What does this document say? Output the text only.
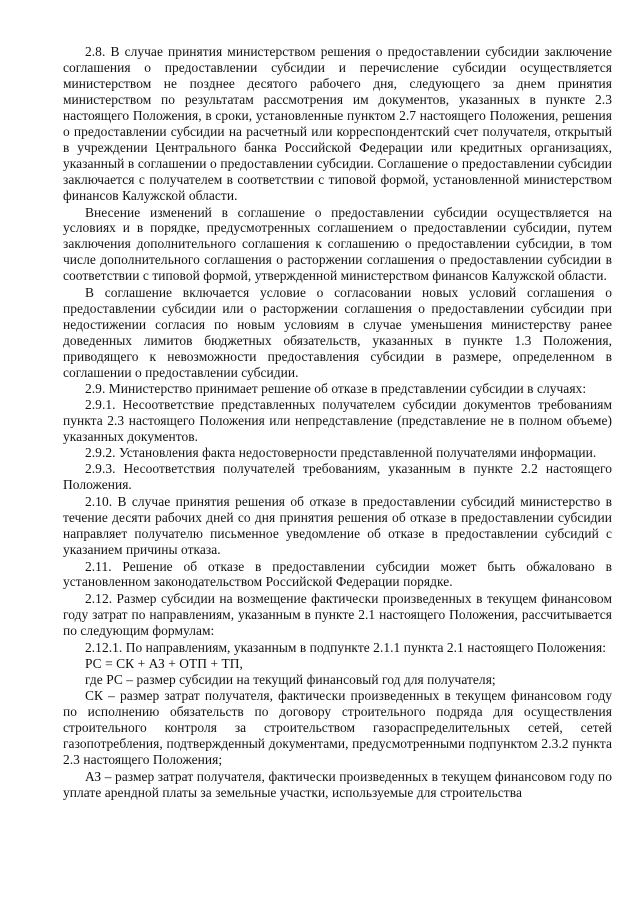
2.8. В случае принятия министерством решения о предоставлении субсидии заключение соглашения о предоставлении субсидии и перечисление субсидии осуществляется министерством не позднее десятого рабочего дня, следующего за днем принятия министерством по результатам рассмотрения им документов, указанных в пункте 2.3 настоящего Положения, в сроки, установленные пунктом 2.7 настоящего Положения, решения о предоставлении субсидии на расчетный или корреспондентский счет получателя, открытый в учреждении Центрального банка Российской Федерации или кредитных организациях, указанный в соглашении о предоставлении субсидии. Соглашение о предоставлении субсидии заключается с получателем в соответствии с типовой формой, установленной министерством финансов Калужской области.

Внесение изменений в соглашение о предоставлении субсидии осуществляется на условиях и в порядке, предусмотренных соглашением о предоставлении субсидии, путем заключения дополнительного соглашения к соглашению о предоставлении субсидии, в том числе дополнительного соглашения о расторжении соглашения о предоставлении субсидии в соответствии с типовой формой, утвержденной министерством финансов Калужской области.

В соглашение включается условие о согласовании новых условий соглашения о предоставлении субсидии или о расторжении соглашения о предоставлении субсидии при недостижении согласия по новым условиям в случае уменьшения министерству ранее доведенных лимитов бюджетных обязательств, указанных в пункте 1.3 Положения, приводящего к невозможности предоставления субсидии в размере, определенном в соглашении о предоставлении субсидии.

2.9. Министерство принимает решение об отказе в представлении субсидии в случаях:

2.9.1. Несоответствие представленных получателем субсидии документов требованиям пункта 2.3 настоящего Положения или непредставление (представление не в полном объеме) указанных документов.

2.9.2. Установления факта недостоверности представленной получателями информации.

2.9.3. Несоответствия получателей требованиям, указанным в пункте 2.2 настоящего Положения.

2.10. В случае принятия решения об отказе в предоставлении субсидий министерство в течение десяти рабочих дней со дня принятия решения об отказе в предоставлении субсидии направляет получателю письменное уведомление об отказе в предоставлении субсидий с указанием причины отказа.

2.11. Решение об отказе в предоставлении субсидии может быть обжаловано в установленном законодательством Российской Федерации порядке.

2.12. Размер субсидии на возмещение фактически произведенных в текущем финансовом году затрат по направлениям, указанным в пункте 2.1 настоящего Положения, рассчитывается по следующим формулам:

2.12.1. По направлениям, указанным в подпункте 2.1.1 пункта 2.1 настоящего Положения:

РС = СК + АЗ + ОТП + ТП,

где РС – размер субсидии на текущий финансовый год для получателя;

СК – размер затрат получателя, фактически произведенных в текущем финансовом году по исполнению обязательств по договору строительного подряда для осуществления строительного контроля за строительством газораспределительных сетей, сетей газопотребления, подтвержденный документами, предусмотренными подпунктом 2.3.2 пункта 2.3 настоящего Положения;

АЗ – размер затрат получателя, фактически произведенных в текущем финансовом году по уплате арендной платы за земельные участки, используемые для строительства
